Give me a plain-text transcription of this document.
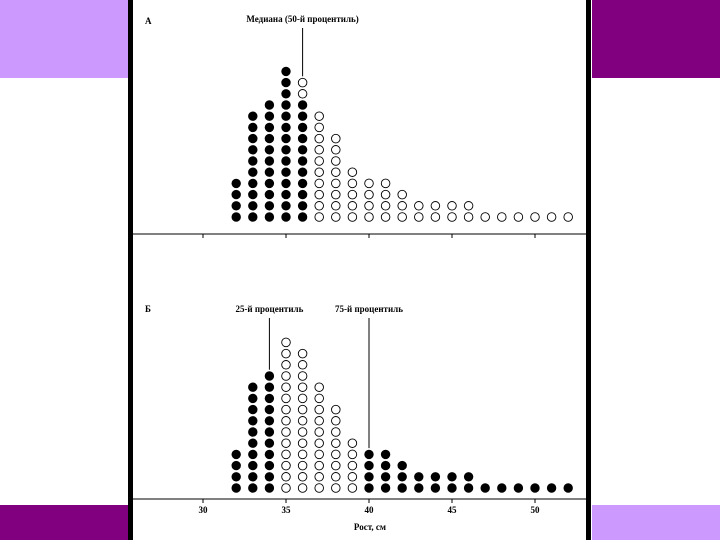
А	Медиана (50-й процентиль)
Б
30	35	40	45	50
25-й процентиль	75-й процентиль
Рост, см
